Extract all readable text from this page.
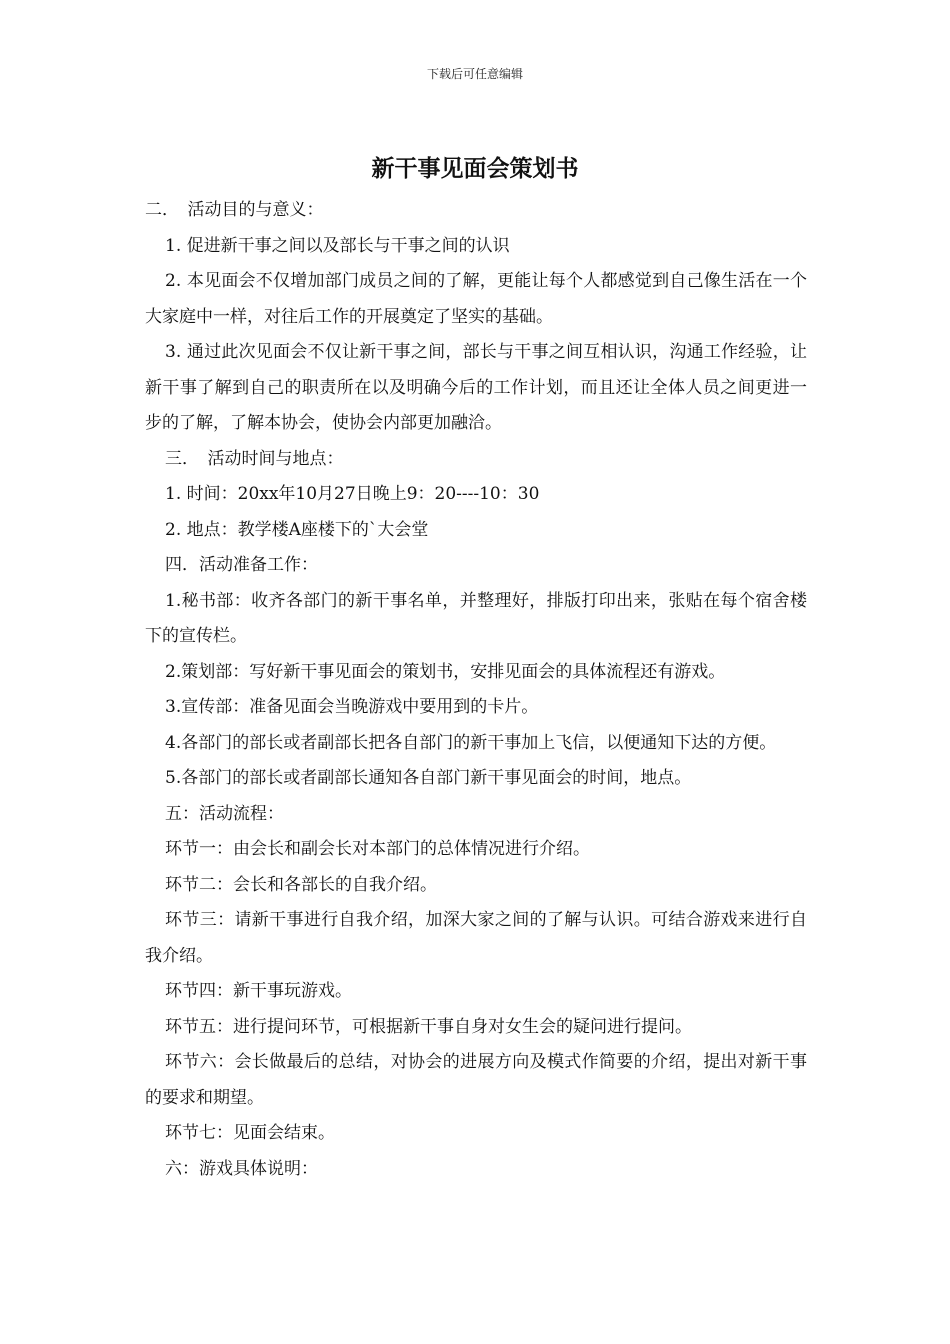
下载后可任意编辑
新干事见面会策划书

二．　活动目的与意义：

1. 促进新干事之间以及部长与干事之间的认识

2. 本见面会不仅增加部门成员之间的了解，更能让每个人都感觉到自己像生活在一个大家庭中一样，对往后工作的开展奠定了坚实的基础。

3. 通过此次见面会不仅让新干事之间，部长与干事之间互相认识，沟通工作经验，让新干事了解到自己的职责所在以及明确今后的工作计划，而且还让全体人员之间更进一步的了解，了解本协会，使协会内部更加融洽。

三．　活动时间与地点：

1. 时间：20xx年10月27日晚上9：20----10：30

2. 地点：教学楼A座楼下的`大会堂

四．活动准备工作：

1.秘书部：收齐各部门的新干事名单，并整理好，排版打印出来，张贴在每个宿舍楼下的宣传栏。

2.策划部：写好新干事见面会的策划书，安排见面会的具体流程还有游戏。

3.宣传部：准备见面会当晚游戏中要用到的卡片。

4.各部门的部长或者副部长把各自部门的新干事加上飞信，以便通知下达的方便。

5.各部门的部长或者副部长通知各自部门新干事见面会的时间，地点。

五：活动流程：

环节一：由会长和副会长对本部门的总体情况进行介绍。

环节二：会长和各部长的自我介绍。

环节三：请新干事进行自我介绍，加深大家之间的了解与认识。可结合游戏来进行自我介绍。

环节四：新干事玩游戏。

环节五：进行提问环节，可根据新干事自身对女生会的疑问进行提问。

环节六：会长做最后的总结，对协会的进展方向及模式作简要的介绍，提出对新干事的要求和期望。

环节七：见面会结束。

六：游戏具体说明：
